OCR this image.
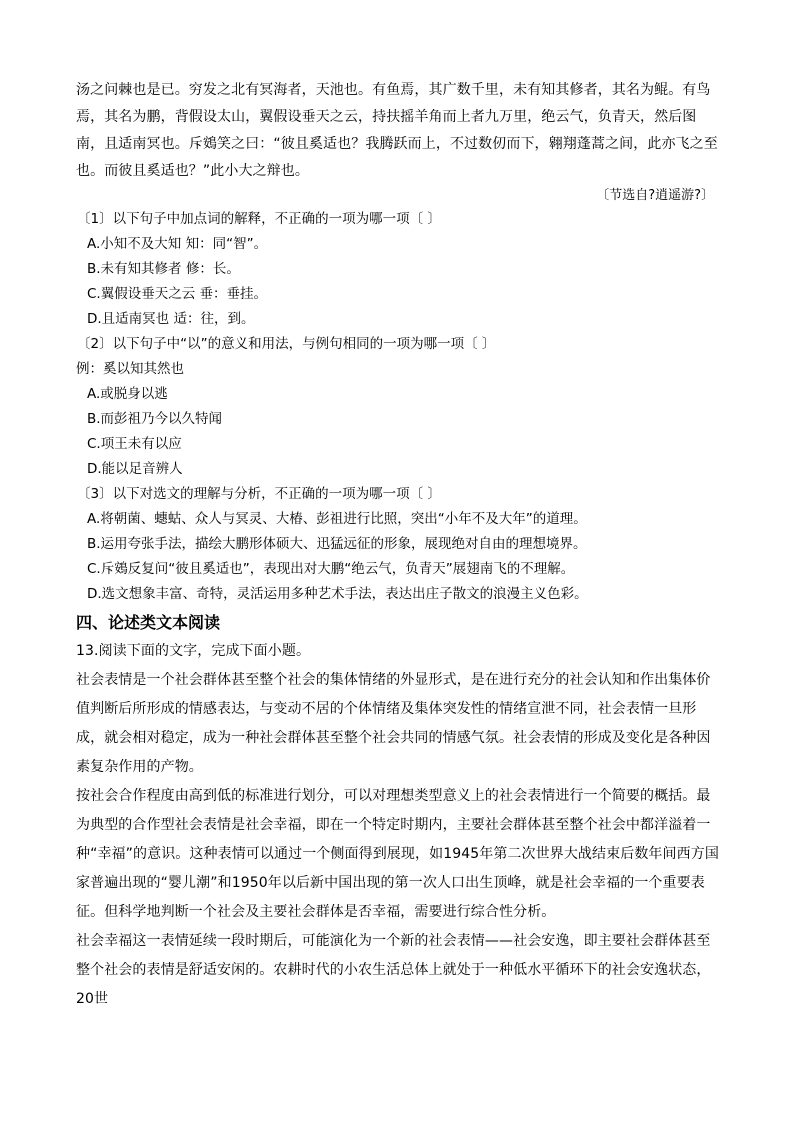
汤之问棘也是已。穷发之北有冥海者，天池也。有鱼焉，其广数千里，未有知其修者，其名为鲲。有鸟焉，其名为鹏，背假设太山，翼假设垂天之云，持扶摇羊角而上者九万里，绝云气，负青天，然后图南，且适南冥也。斥鴳笑之曰：“彼且奚适也？我腾跃而上，不过数仞而下，翱翔蓬蒿之间，此亦飞之至也。而彼且奚适也？”此小大之辩也。

〔节选自?逍遥游?〕

〔1〕以下句子中加点词的解释，不正确的一项为哪一项〔 〕

A.小知不及大知 知：同“智”。

B.未有知其修者 修：长。

C.翼假设垂天之云 垂：垂挂。

D.且适南冥也 适：往，到。

〔2〕以下句子中“以”的意义和用法，与例句相同的一项为哪一项〔 〕

例：奚以知其然也

A.或脱身以逃

B.而彭祖乃今以久特闻

C.项王未有以应

D.能以足音辨人

〔3〕以下对选文的理解与分析，不正确的一项为哪一项〔 〕

A.将朝菌、蟪蛄、众人与冥灵、大椿、彭祖进行比照，突出“小年不及大年”的道理。

B.运用夸张手法，描绘大鹏形体硕大、迅猛远征的形象，展现绝对自由的理想境界。

C.斥鴳反复问“彼且奚适也”，表现出对大鹏“绝云气，负青天”展翅南飞的不理解。

D.选文想象丰富、奇特，灵活运用多种艺术手法，表达出庄子散文的浪漫主义色彩。

四、论述类文本阅读

13.阅读下面的文字，完成下面小题。

社会表情是一个社会群体甚至整个社会的集体情绪的外显形式，是在进行充分的社会认知和作出集体价值判断后所形成的情感表达，与变动不居的个体情绪及集体突发性的情绪宣泄不同，社会表情一旦形成，就会相对稳定，成为一种社会群体甚至整个社会共同的情感气氛。社会表情的形成及变化是各种因素复杂作用的产物。

按社会合作程度由高到低的标准进行划分，可以对理想类型意义上的社会表情进行一个简要的概括。最为典型的合作型社会表情是社会幸福，即在一个特定时期内，主要社会群体甚至整个社会中都洋溢着一种“幸福”的意识。这种表情可以通过一个侧面得到展现，如1945年第二次世界大战结束后数年间西方国家普遍出现的“婴儿潮”和1950年以后新中国出现的第一次人口出生顶峰，就是社会幸福的一个重要表征。但科学地判断一个社会及主要社会群体是否幸福，需要进行综合性分析。

社会幸福这一表情延续一段时期后，可能演化为一个新的社会表情——社会安逸，即主要社会群体甚至整个社会的表情是舒适安闲的。农耕时代的小农生活总体上就处于一种低水平循环下的社会安逸状态，20世
